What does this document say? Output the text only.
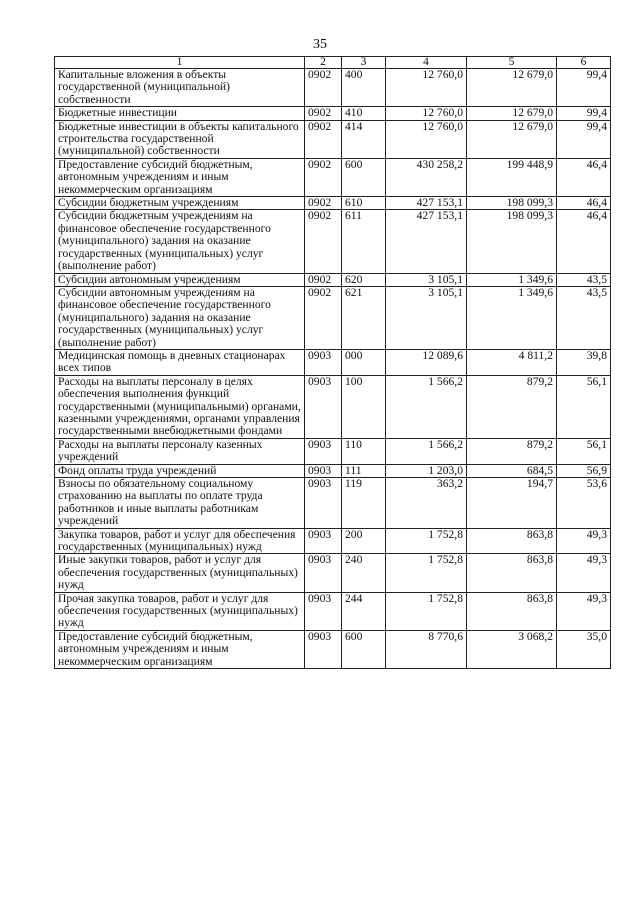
35
1	2	3	4	5	6
Капитальные вложения в объекты государственной (муниципальной) собственности	0902	400	12 760,0	12 679,0	99,4
Бюджетные инвестиции	0902	410	12 760,0	12 679,0	99,4
Бюджетные инвестиции в объекты капитального строительства государственной (муниципальной) собственности	0902	414	12 760,0	12 679,0	99,4
Предоставление субсидий бюджетным, автономным учреждениям и иным некоммерческим организациям	0902	600	430 258,2	199 448,9	46,4
Субсидии бюджетным учреждениям	0902	610	427 153,1	198 099,3	46,4
Субсидии бюджетным учреждениям на финансовое обеспечение государственного (муниципального) задания на оказание государственных (муниципальных) услуг (выполнение работ)	0902	611	427 153,1	198 099,3	46,4
Субсидии автономным учреждениям	0902	620	3 105,1	1 349,6	43,5
Субсидии автономным учреждениям на финансовое обеспечение государственного (муниципального) задания на оказание государственных (муниципальных) услуг (выполнение работ)	0902	621	3 105,1	1 349,6	43,5
Медицинская помощь в дневных стационарах всех типов	0903	000	12 089,6	4 811,2	39,8
Расходы на выплаты персоналу в целях обеспечения выполнения функций государственными (муниципальными) органами, казенными учреждениями, органами управления государственными внебюджетными фондами	0903	100	1 566,2	879,2	56,1
Расходы на выплаты персоналу казенных учреждений	0903	110	1 566,2	879,2	56,1
Фонд оплаты труда учреждений	0903	111	1 203,0	684,5	56,9
Взносы по обязательному социальному страхованию на выплаты по оплате труда работников и иные выплаты работникам учреждений	0903	119	363,2	194,7	53,6
Закупка товаров, работ и услуг для обеспечения государственных (муниципальных) нужд	0903	200	1 752,8	863,8	49,3
Иные закупки товаров, работ и услуг для обеспечения государственных (муниципальных) нужд	0903	240	1 752,8	863,8	49,3
Прочая закупка товаров, работ и услуг для обеспечения государственных (муниципальных) нужд	0903	244	1 752,8	863,8	49,3
Предоставление субсидий бюджетным, автономным учреждениям и иным некоммерческим организациям	0903	600	8 770,6	3 068,2	35,0
